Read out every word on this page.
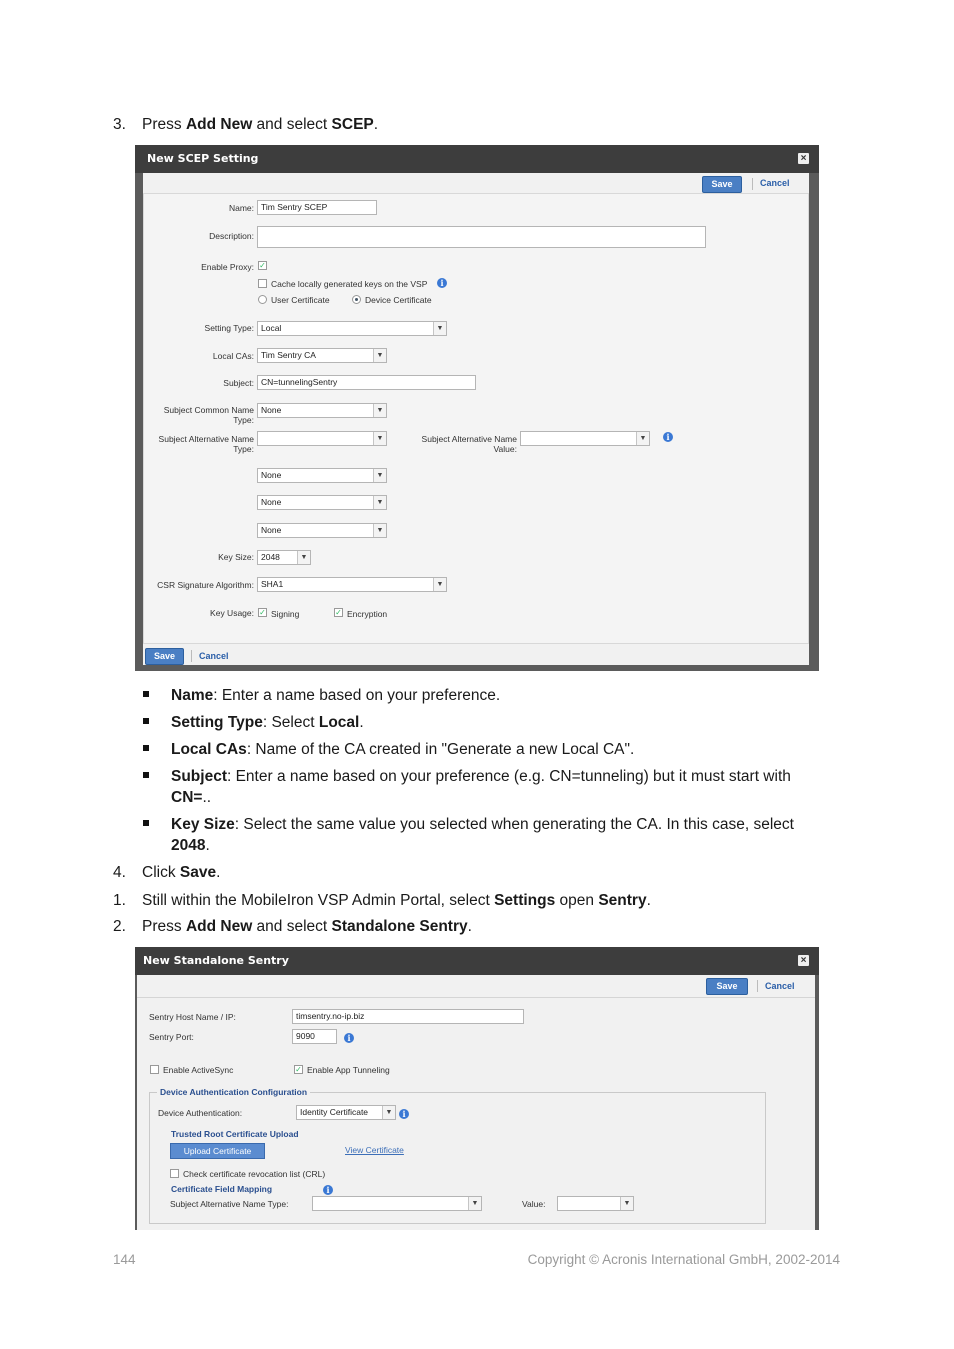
3. Press Add New and select SCEP.
New SCEP Setting	×
Save	Cancel
Name: Tim Sentry SCEP
Description:
Enable Proxy: ✓
Cache locally generated keys on the VSP	i
User Certificate	Device Certificate
Setting Type: Local	▼
Local CAs: Tim Sentry CA	▼
Subject: CN=tunnelingSentry
Subject Common Name
Type:
None	▼
Subject Alternative Name
Type:
▼	Subject Alternative Name
Value:
▼	i
None	▼
None	▼
None	▼
Key Size: 2048	▼
CSR Signature Algorithm: SHA1	▼
Key Usage: ✓ Signing	✓ Encryption
Save	Cancel
Name: Enter a name based on your preference.
Setting Type: Select Local.
Local CAs: Name of the CA created in "Generate a new Local CA".
Subject: Enter a name based on your preference (e.g. CN=tunneling) but it must start with CN=..
Key Size: Select the same value you selected when generating the CA. In this case, select 2048.
4. Click Save.
1. Still within the MobileIron VSP Admin Portal, select Settings open Sentry.
2. Press Add New and select Standalone Sentry.
New Standalone Sentry	×
Save	Cancel
Sentry Host Name / IP:	timsentry.no-ip.biz
Sentry Port:	9090	i
Enable ActiveSync	✓ Enable App Tunneling
Device Authentication Configuration
Device Authentication:	Identity Certificate	▼	i
Trusted Root Certificate Upload
Upload Certificate	View Certificate
Check certificate revocation list (CRL)
Certificate Field Mapping	i
Subject Alternative Name Type:	▼	Value:	▼
144	Copyright © Acronis International GmbH, 2002-2014
